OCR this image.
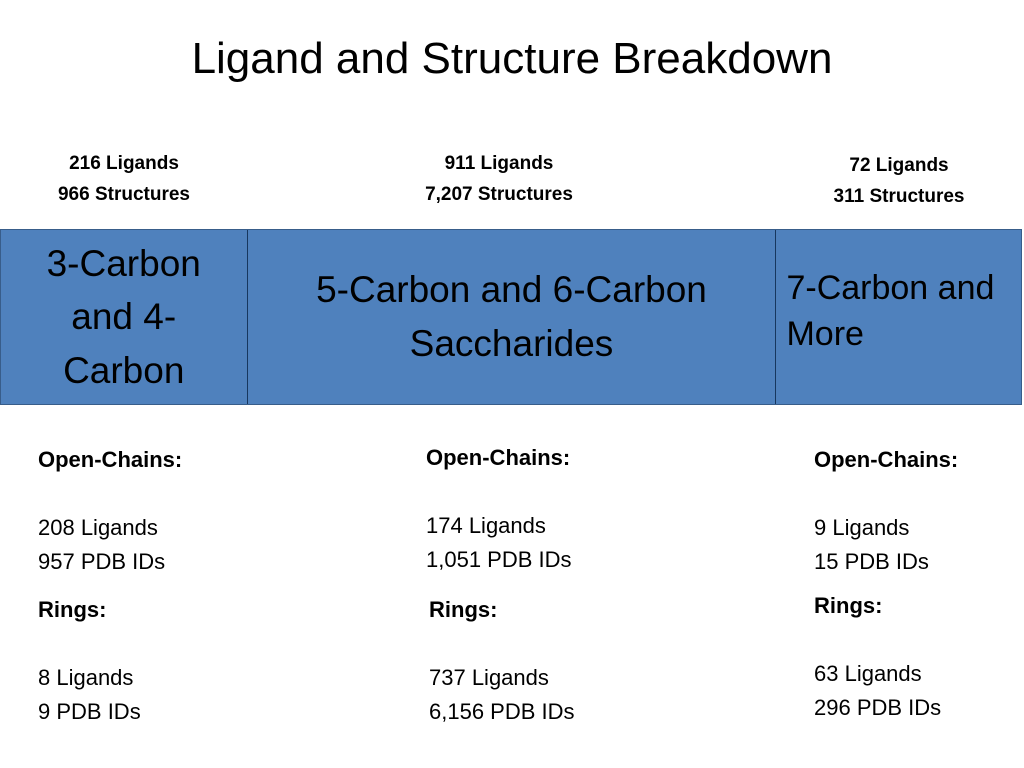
Ligand and Structure Breakdown
216 Ligands
966 Structures
911 Ligands
7,207 Structures
72 Ligands
311 Structures
3-Carbon and 4-Carbon
5-Carbon and 6-Carbon Saccharides
7-Carbon and More
Open-Chains:
208 Ligands
957 PDB IDs
Open-Chains:
174 Ligands
1,051 PDB IDs
Open-Chains:
9 Ligands
15 PDB IDs
Rings:
8 Ligands
9 PDB IDs
Rings:
737 Ligands
6,156 PDB IDs
Rings:
63 Ligands
296 PDB IDs
